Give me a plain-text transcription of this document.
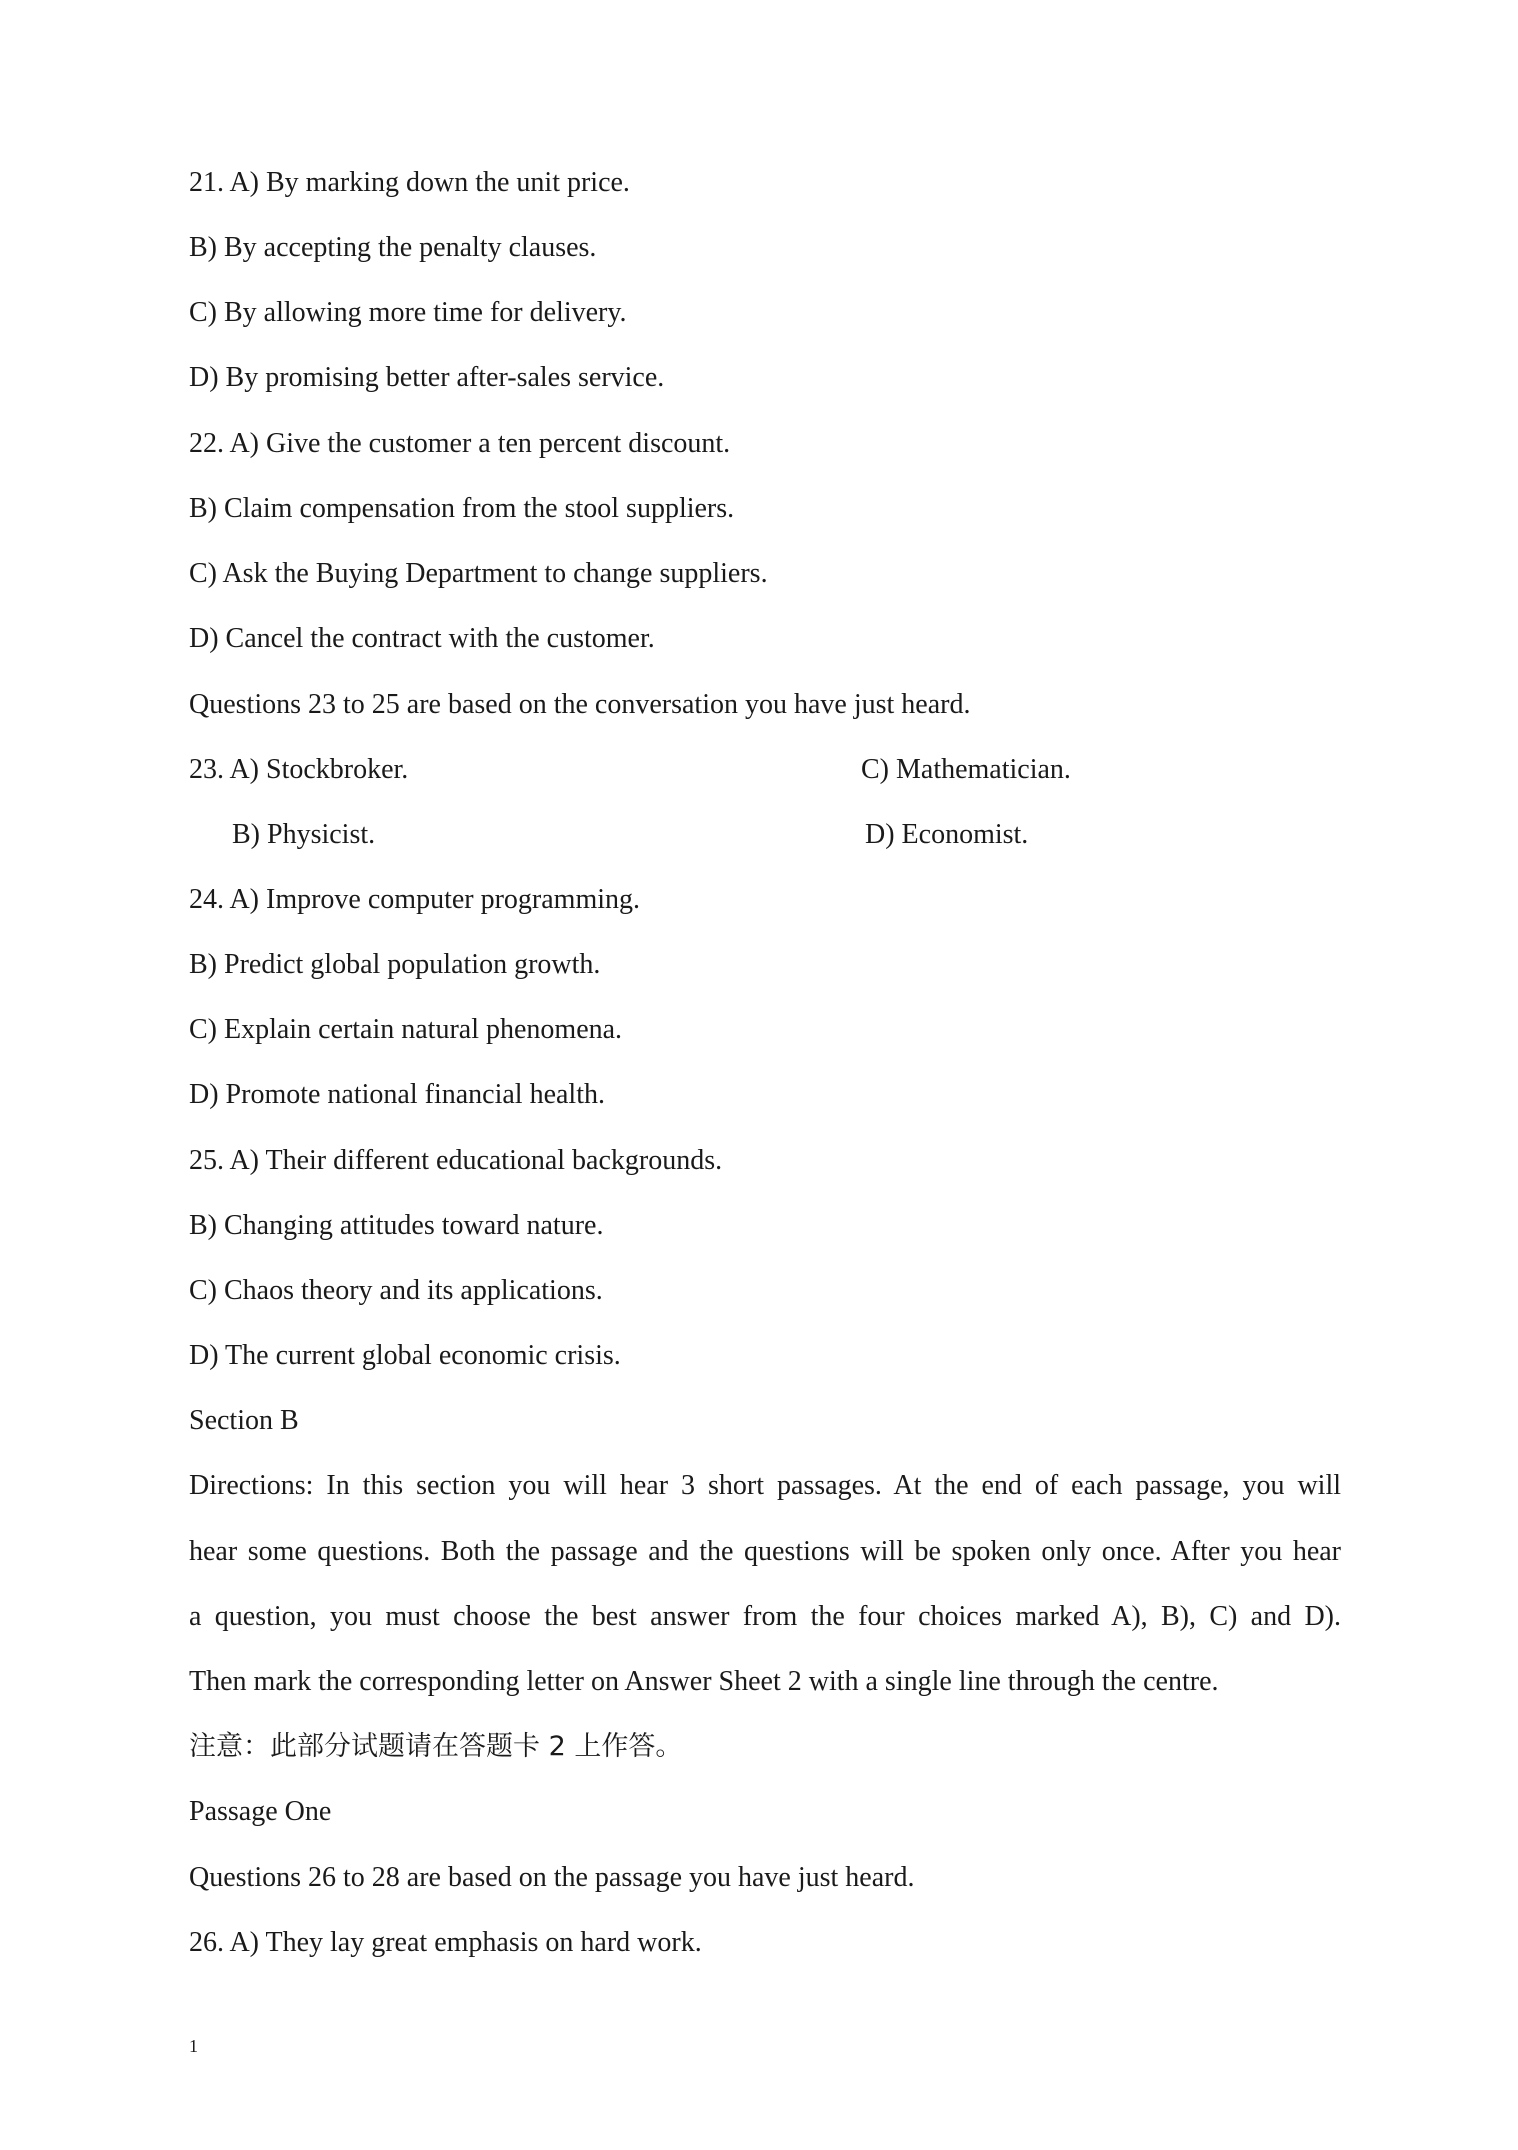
21. A) By marking down the unit price.
B) By accepting the penalty clauses.
C) By allowing more time for delivery.
D) By promising better after-sales service.
22. A) Give the customer a ten percent discount.
B) Claim compensation from the stool suppliers.
C) Ask the Buying Department to change suppliers.
D) Cancel the contract with the customer.
Questions 23 to 25 are based on the conversation you have just heard.
23. A) Stockbroker.	C) Mathematician.
B) Physicist.	D) Economist.
24. A) Improve computer programming.
B) Predict global population growth.
C) Explain certain natural phenomena.
D) Promote national financial health.
25. A) Their different educational backgrounds.
B) Changing attitudes toward nature.
C) Chaos theory and its applications.
D) The current global economic crisis.
Section B
Directions: In this section you will hear 3 short passages. At the end of each passage, you will
hear some questions. Both the passage and the questions will be spoken only once. After you hear
a question, you must choose the best answer from the four choices marked A), B), C) and D).
Then mark the corresponding letter on Answer Sheet 2 with a single line through the centre.
注意：此部分试题请在答题卡 2 上作答。
Passage One
Questions 26 to 28 are based on the passage you have just heard.
26. A) They lay great emphasis on hard work.
1
